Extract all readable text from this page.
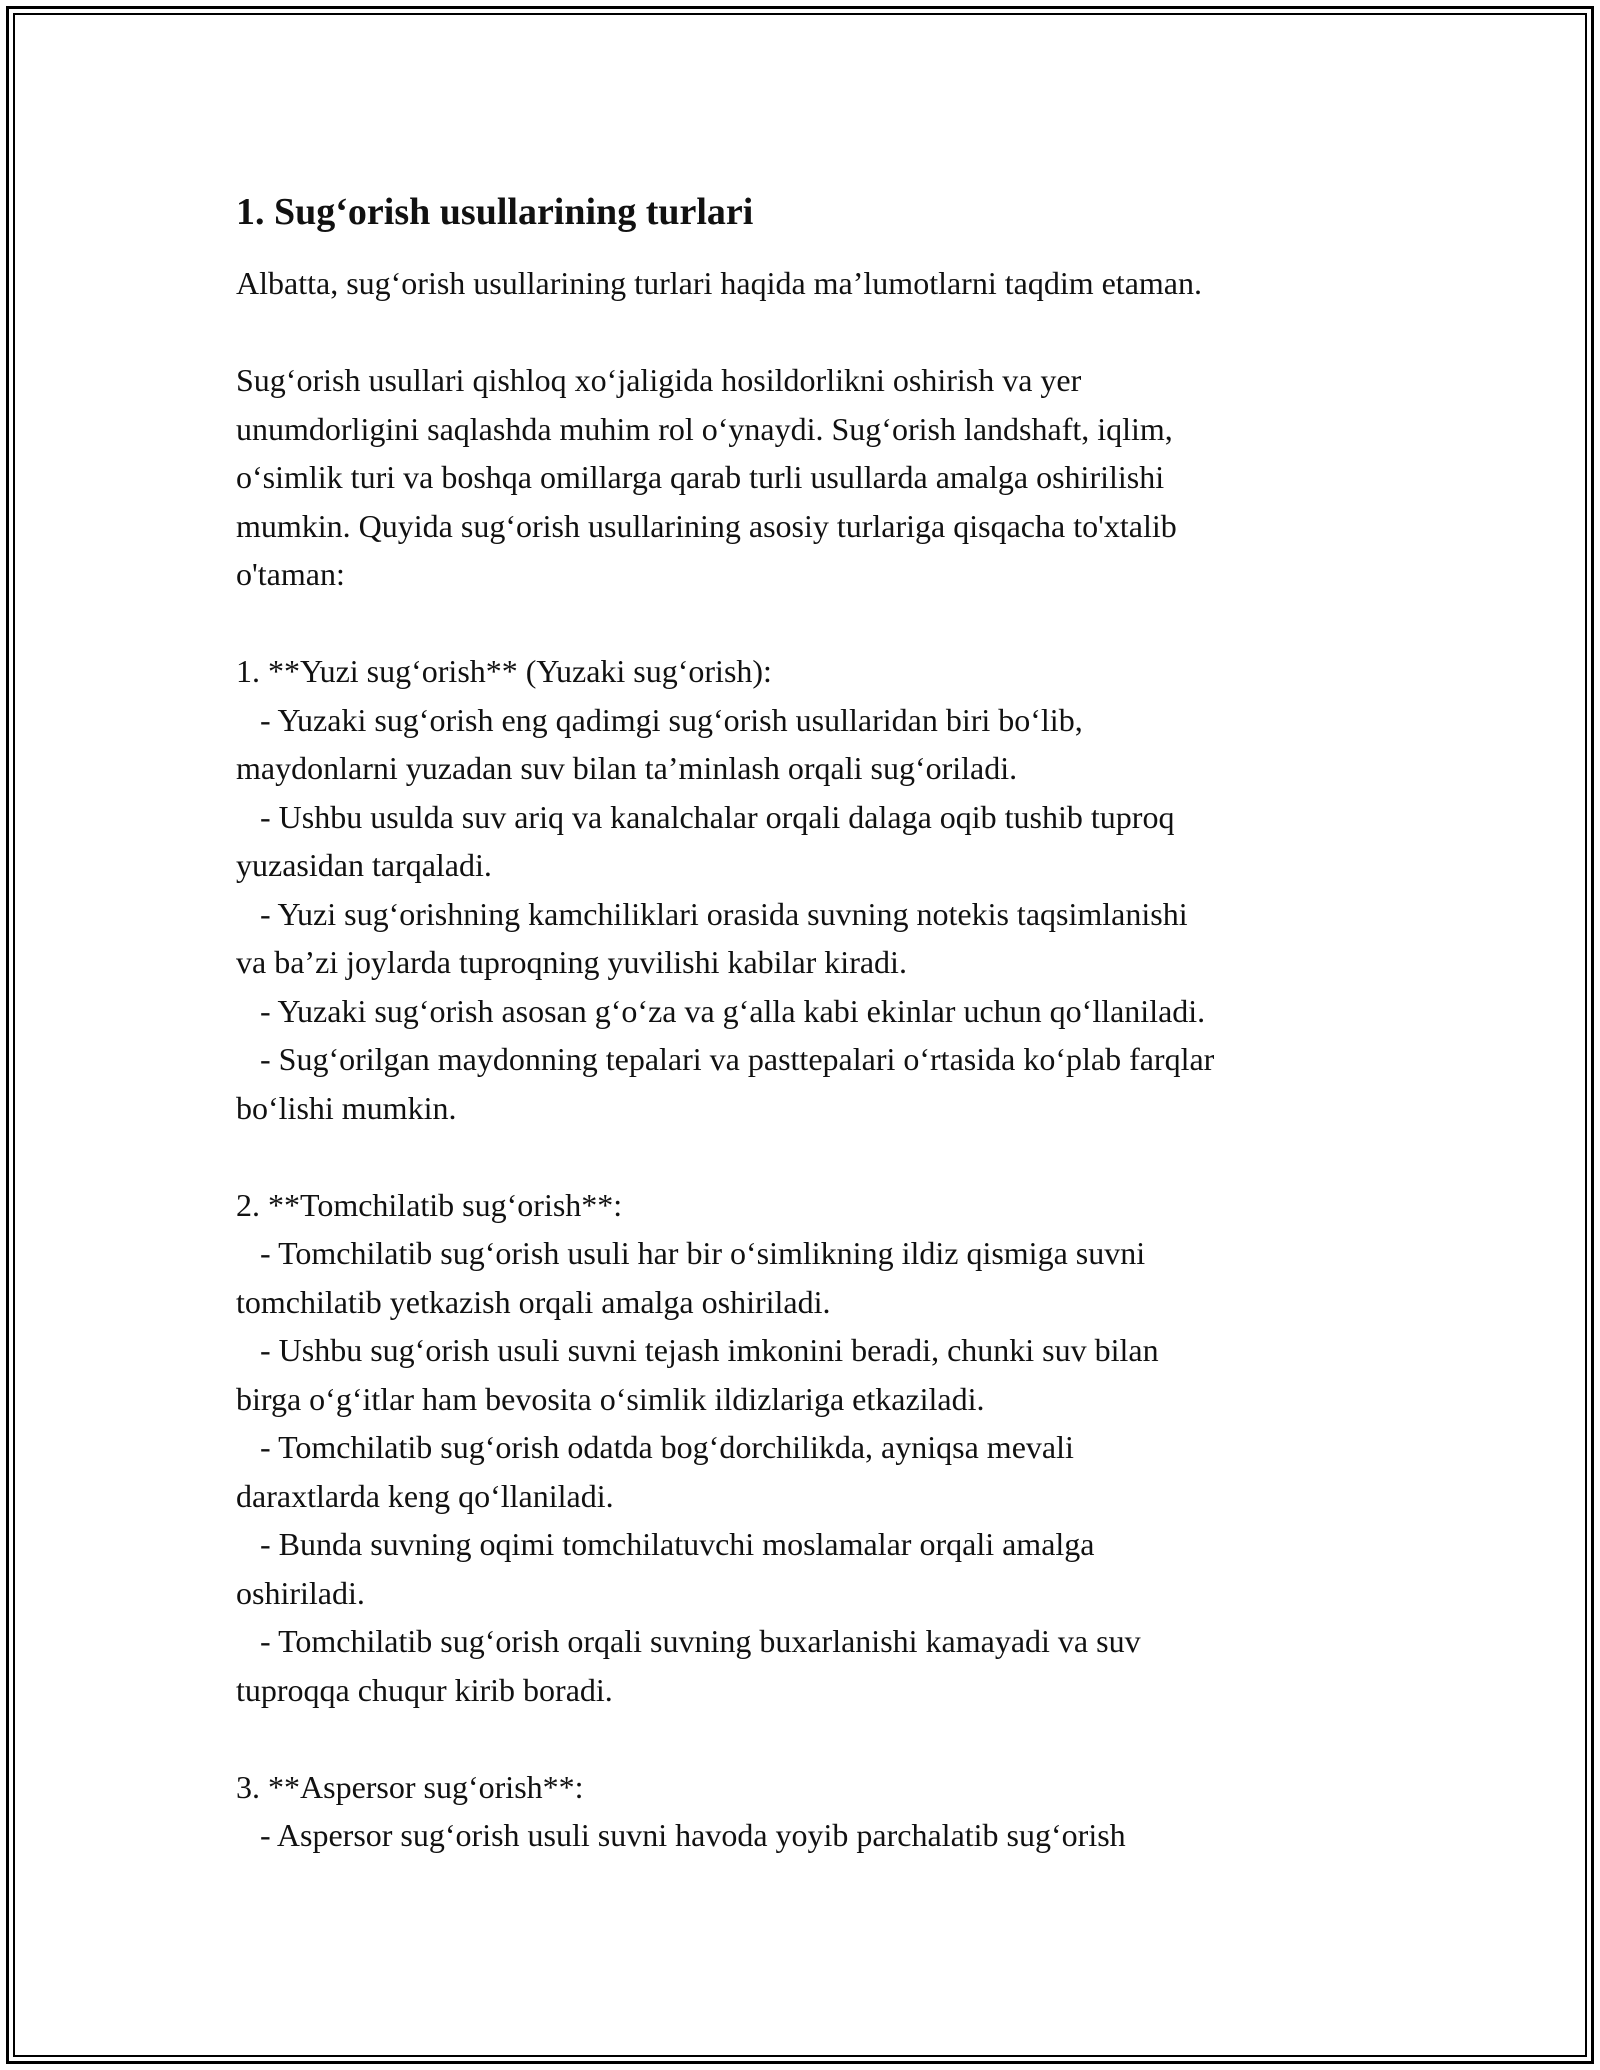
1. Sug‘orish usullarining turlari
Albatta, sug‘orish usullarining turlari haqida ma’lumotlarni taqdim etaman.
Sug‘orish usullari qishloq xo‘jaligida hosildorlikni oshirish va yer
unumdorligini saqlashda muhim rol o‘ynaydi. Sug‘orish landshaft, iqlim,
o‘simlik turi va boshqa omillarga qarab turli usullarda amalga oshirilishi
mumkin. Quyida sug‘orish usullarining asosiy turlariga qisqacha to'xtalib
o'taman:
1. **Yuzi sug‘orish** (Yuzaki sug‘orish):
- Yuzaki sug‘orish eng qadimgi sug‘orish usullaridan biri bo‘lib,
maydonlarni yuzadan suv bilan ta’minlash orqali sug‘oriladi.
- Ushbu usulda suv ariq va kanalchalar orqali dalaga oqib tushib tuproq
yuzasidan tarqaladi.
- Yuzi sug‘orishning kamchiliklari orasida suvning notekis taqsimlanishi
va ba’zi joylarda tuproqning yuvilishi kabilar kiradi.
- Yuzaki sug‘orish asosan g‘o‘za va g‘alla kabi ekinlar uchun qo‘llaniladi.
- Sug‘orilgan maydonning tepalari va pasttepalari o‘rtasida ko‘plab farqlar
bo‘lishi mumkin.
2. **Tomchilatib sug‘orish**:
- Tomchilatib sug‘orish usuli har bir o‘simlikning ildiz qismiga suvni
tomchilatib yetkazish orqali amalga oshiriladi.
- Ushbu sug‘orish usuli suvni tejash imkonini beradi, chunki suv bilan
birga o‘g‘itlar ham bevosita o‘simlik ildizlariga etkaziladi.
- Tomchilatib sug‘orish odatda bog‘dorchilikda, ayniqsa mevali
daraxtlarda keng qo‘llaniladi.
- Bunda suvning oqimi tomchilatuvchi moslamalar orqali amalga
oshiriladi.
- Tomchilatib sug‘orish orqali suvning buxarlanishi kamayadi va suv
tuproqqa chuqur kirib boradi.
3. **Aspersor sug‘orish**:
- Aspersor sug‘orish usuli suvni havoda yoyib parchalatib sug‘orish
